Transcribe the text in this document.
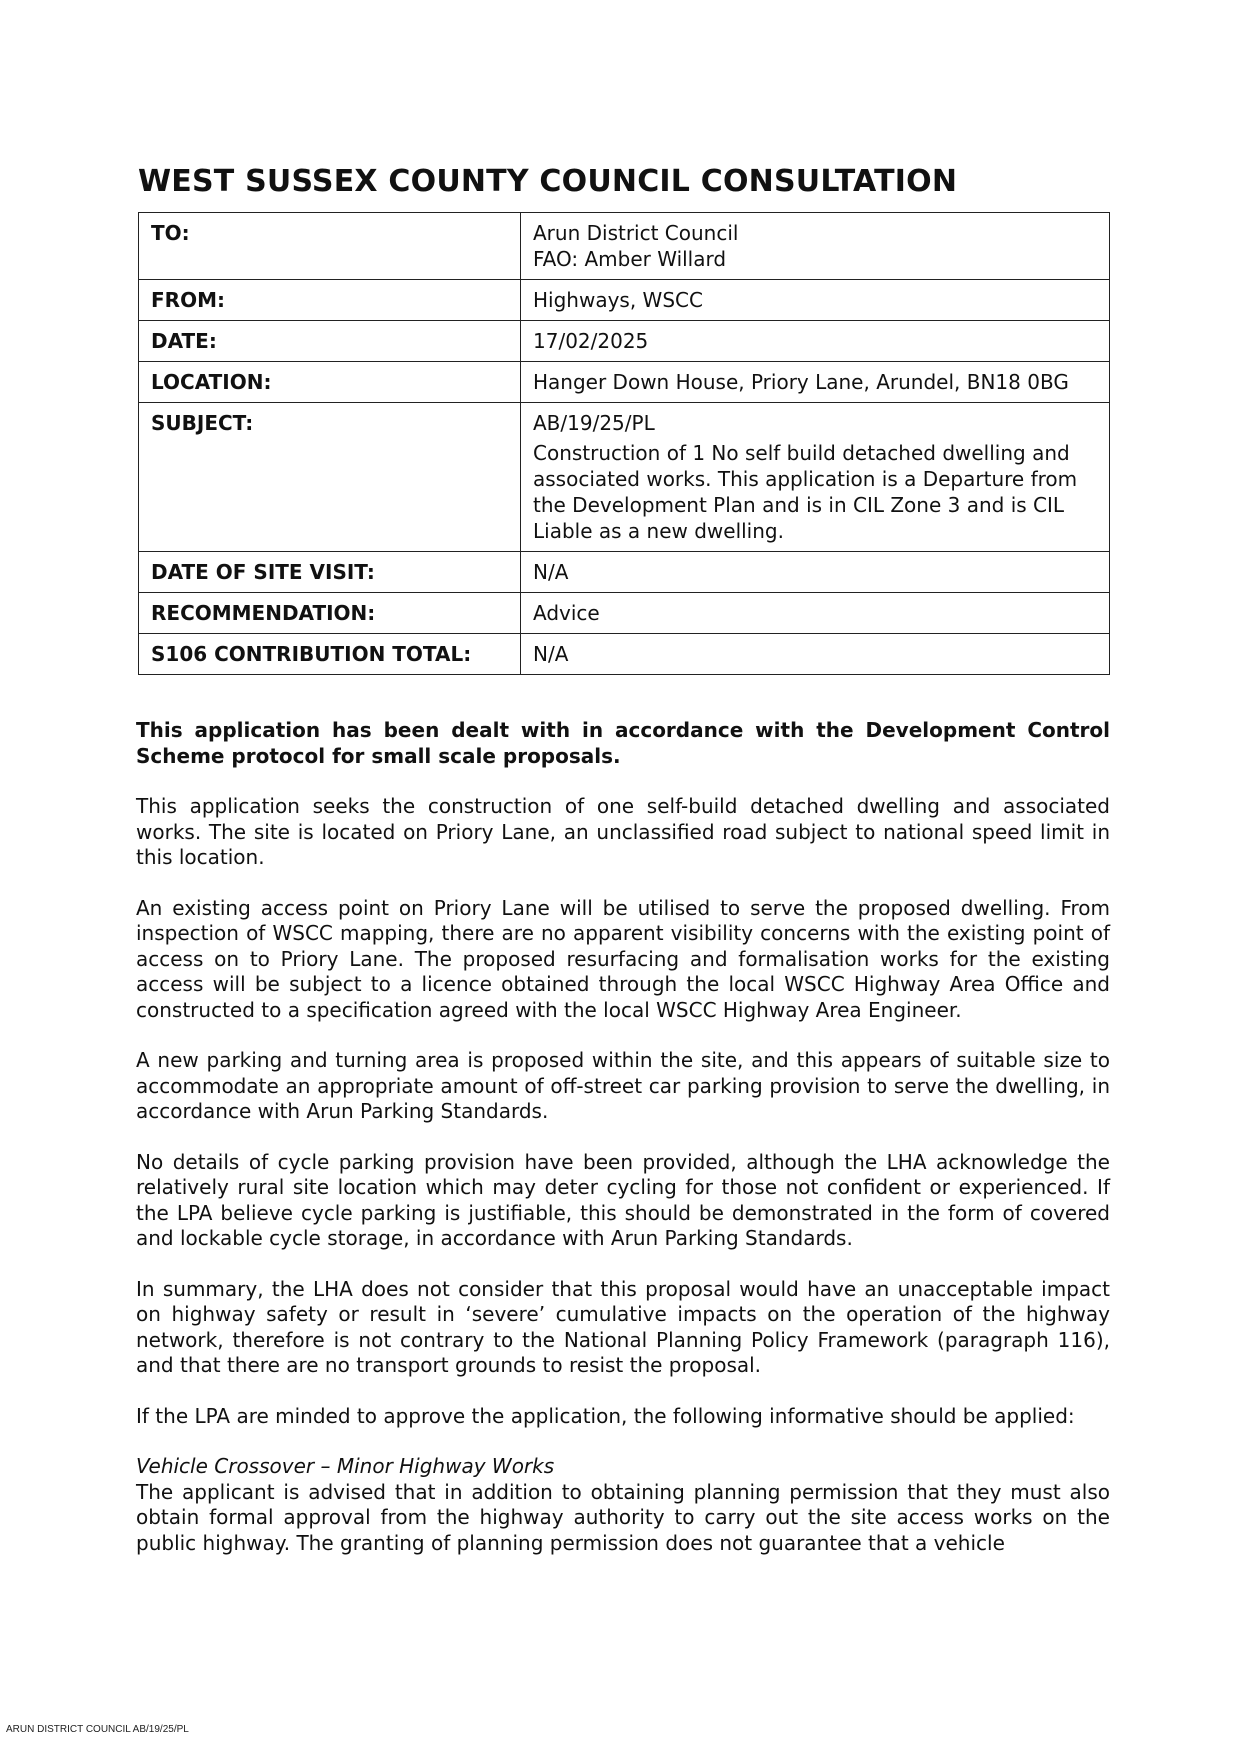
WEST SUSSEX COUNTY COUNCIL CONSULTATION
TO:	Arun District Council
FAO: Amber Willard

FROM:	Highways, WSCC

DATE:	17/02/2025

LOCATION:	Hanger Down House, Priory Lane, Arundel, BN18 0BG

SUBJECT:	AB/19/25/PL
Construction of 1 No self build detached dwelling and associated works. This application is a Departure from the Development Plan and is in CIL Zone 3 and is CIL Liable as a new dwelling.

DATE OF SITE VISIT:	N/A

RECOMMENDATION:	Advice

S106 CONTRIBUTION TOTAL:	N/A

This application has been dealt with in accordance with the Development Control Scheme protocol for small scale proposals.

This application seeks the construction of one self-build detached dwelling and associated works. The site is located on Priory Lane, an unclassified road subject to national speed limit in this location.

An existing access point on Priory Lane will be utilised to serve the proposed dwelling. From inspection of WSCC mapping, there are no apparent visibility concerns with the existing point of access on to Priory Lane. The proposed resurfacing and formalisation works for the existing access will be subject to a licence obtained through the local WSCC Highway Area Office and constructed to a specification agreed with the local WSCC Highway Area Engineer.

A new parking and turning area is proposed within the site, and this appears of suitable size to accommodate an appropriate amount of off-street car parking provision to serve the dwelling, in accordance with Arun Parking Standards.

No details of cycle parking provision have been provided, although the LHA acknowledge the relatively rural site location which may deter cycling for those not confident or experienced. If the LPA believe cycle parking is justifiable, this should be demonstrated in the form of covered and lockable cycle storage, in accordance with Arun Parking Standards.

In summary, the LHA does not consider that this proposal would have an unacceptable impact on highway safety or result in ‘severe’ cumulative impacts on the operation of the highway network, therefore is not contrary to the National Planning Policy Framework (paragraph 116), and that there are no transport grounds to resist the proposal.

If the LPA are minded to approve the application, the following informative should be applied:

Vehicle Crossover – Minor Highway Works
The applicant is advised that in addition to obtaining planning permission that they must also obtain formal approval from the highway authority to carry out the site access works on the public highway. The granting of planning permission does not guarantee that a vehicle

ARUN DISTRICT COUNCIL AB/19/25/PL
